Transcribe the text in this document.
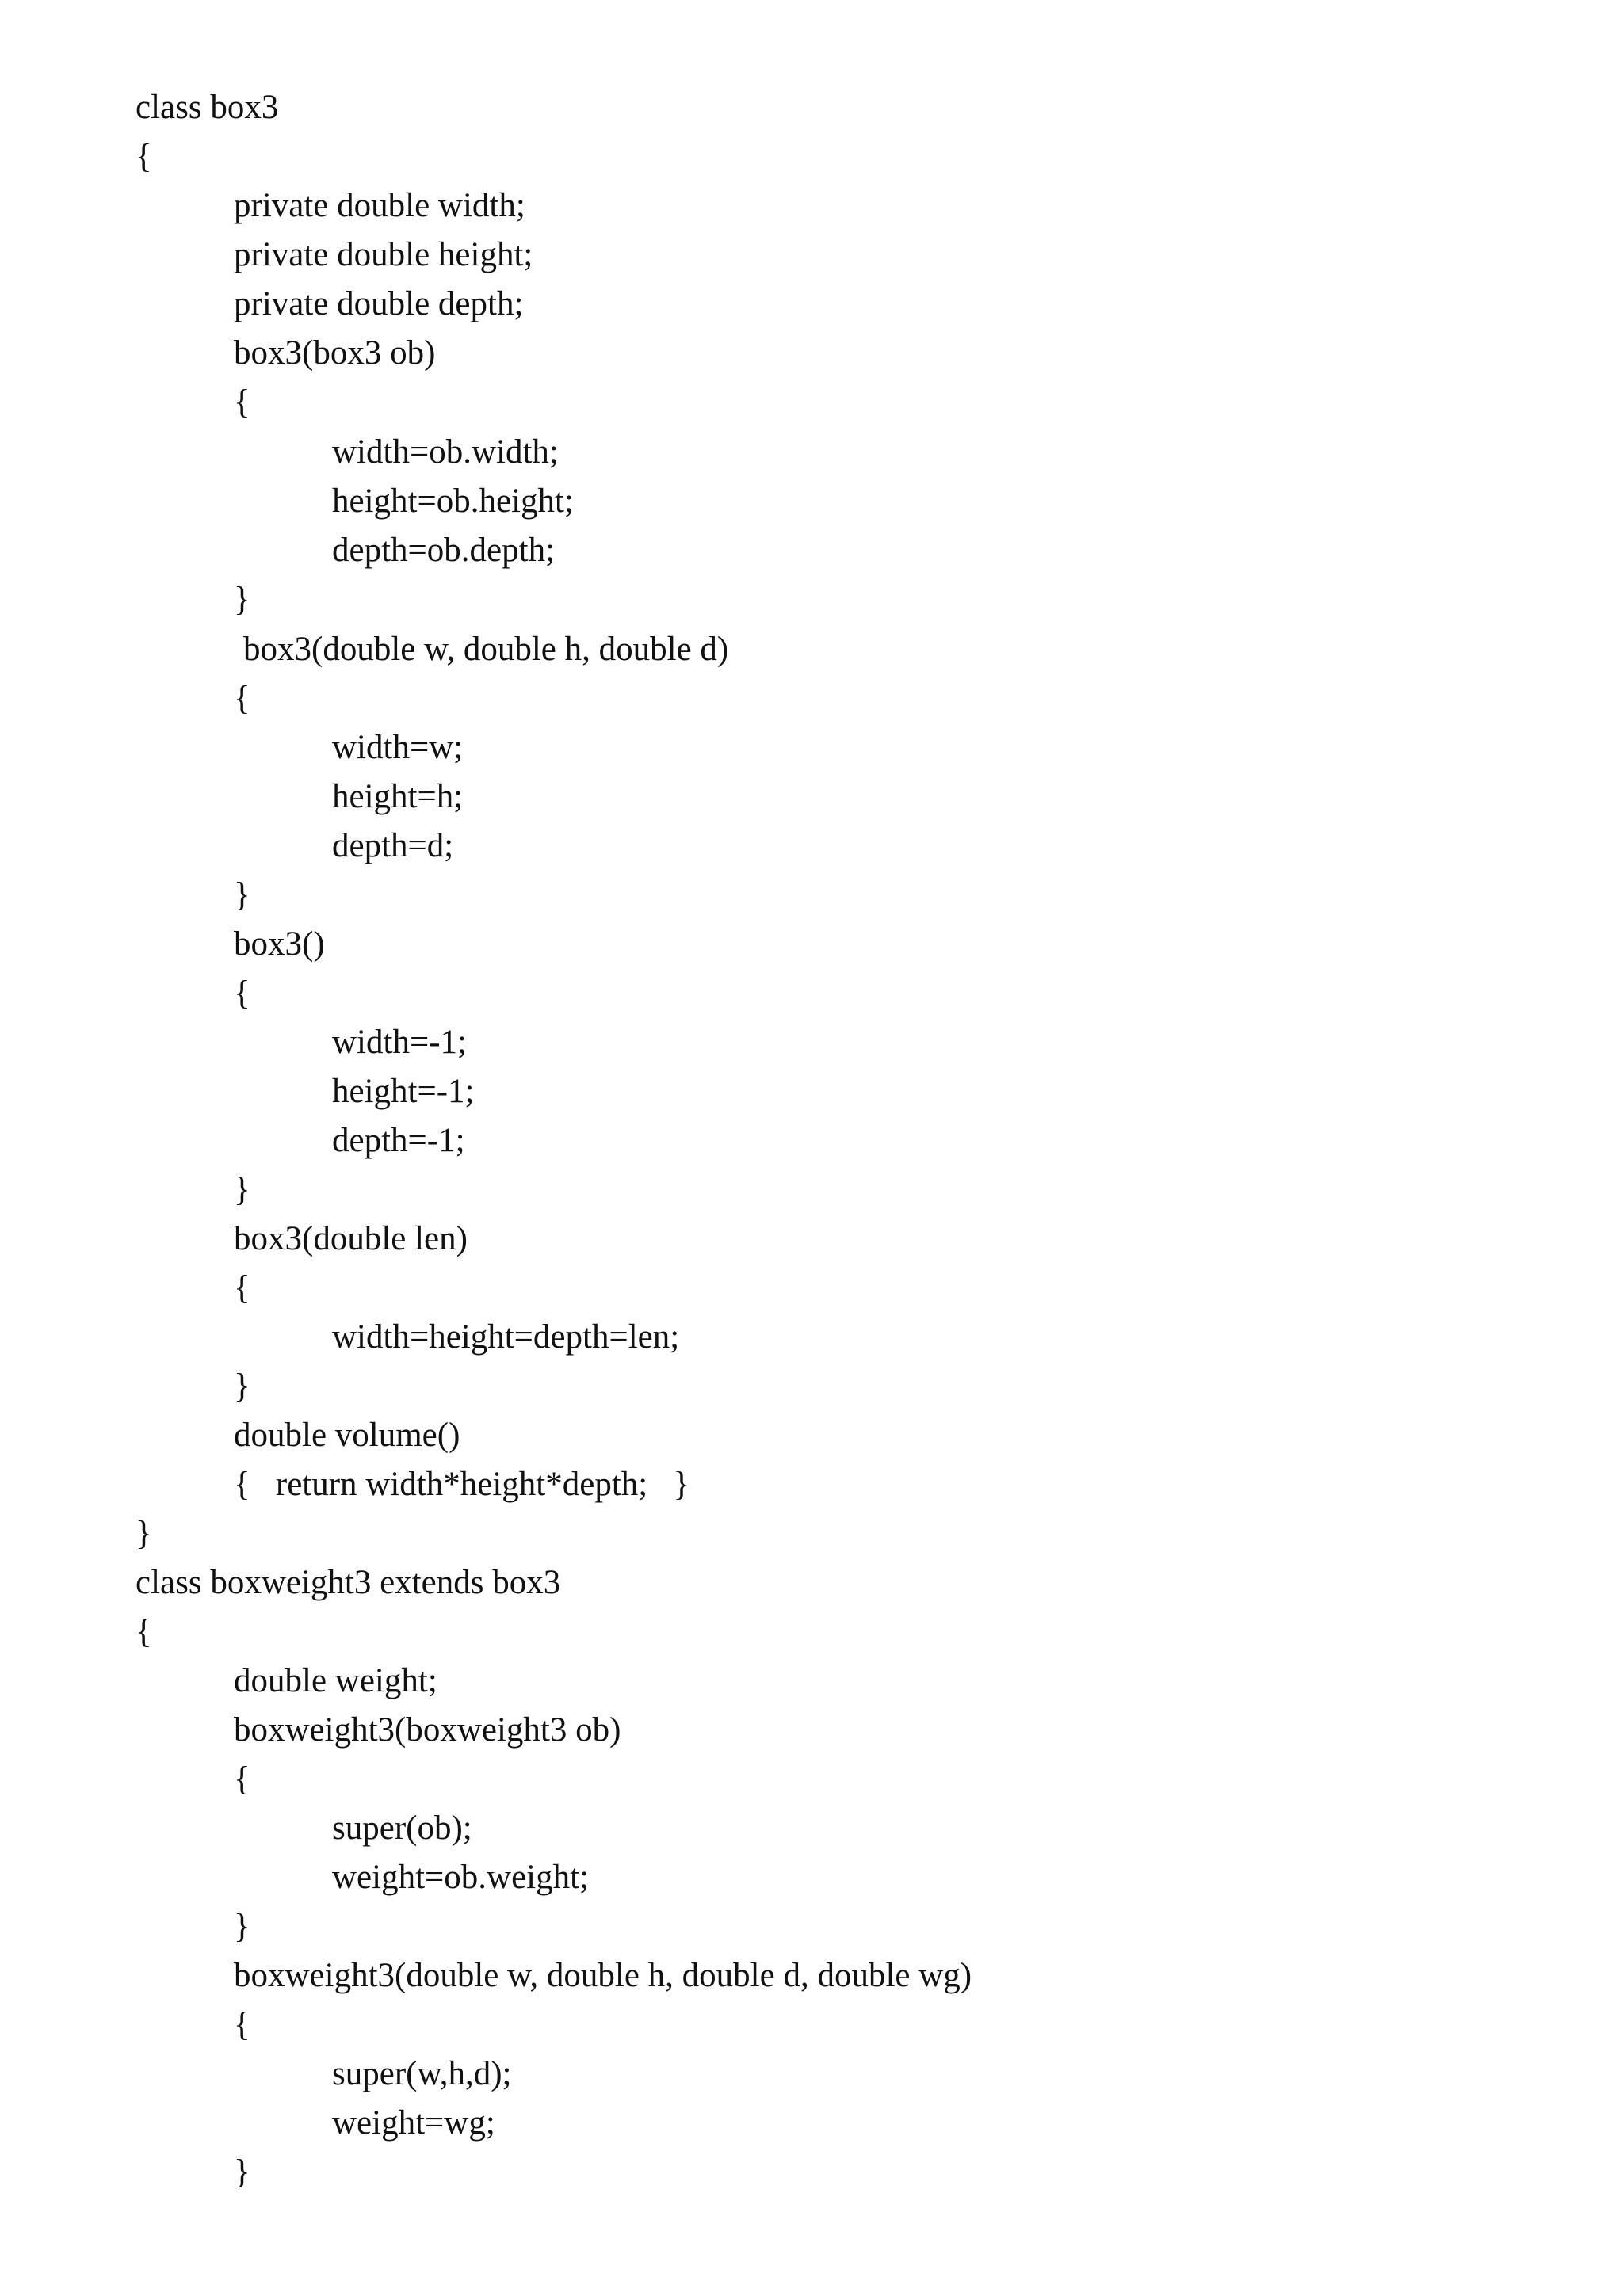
class box3
{
private double width;
private double height;
private double depth;
box3(box3 ob)
{
width=ob.width;
height=ob.height;
depth=ob.depth;
}
box3(double w, double h, double d)
{
width=w;
height=h;
depth=d;
}
box3()
{
width=-1;
height=-1;
depth=-1;
}
box3(double len)
{
width=height=depth=len;
}
double volume()
{   return width*height*depth;   }
}
class boxweight3 extends box3
{
double weight;
boxweight3(boxweight3 ob)
{
super(ob);
weight=ob.weight;
}
boxweight3(double w, double h, double d, double wg)
{
super(w,h,d);
weight=wg;
}
